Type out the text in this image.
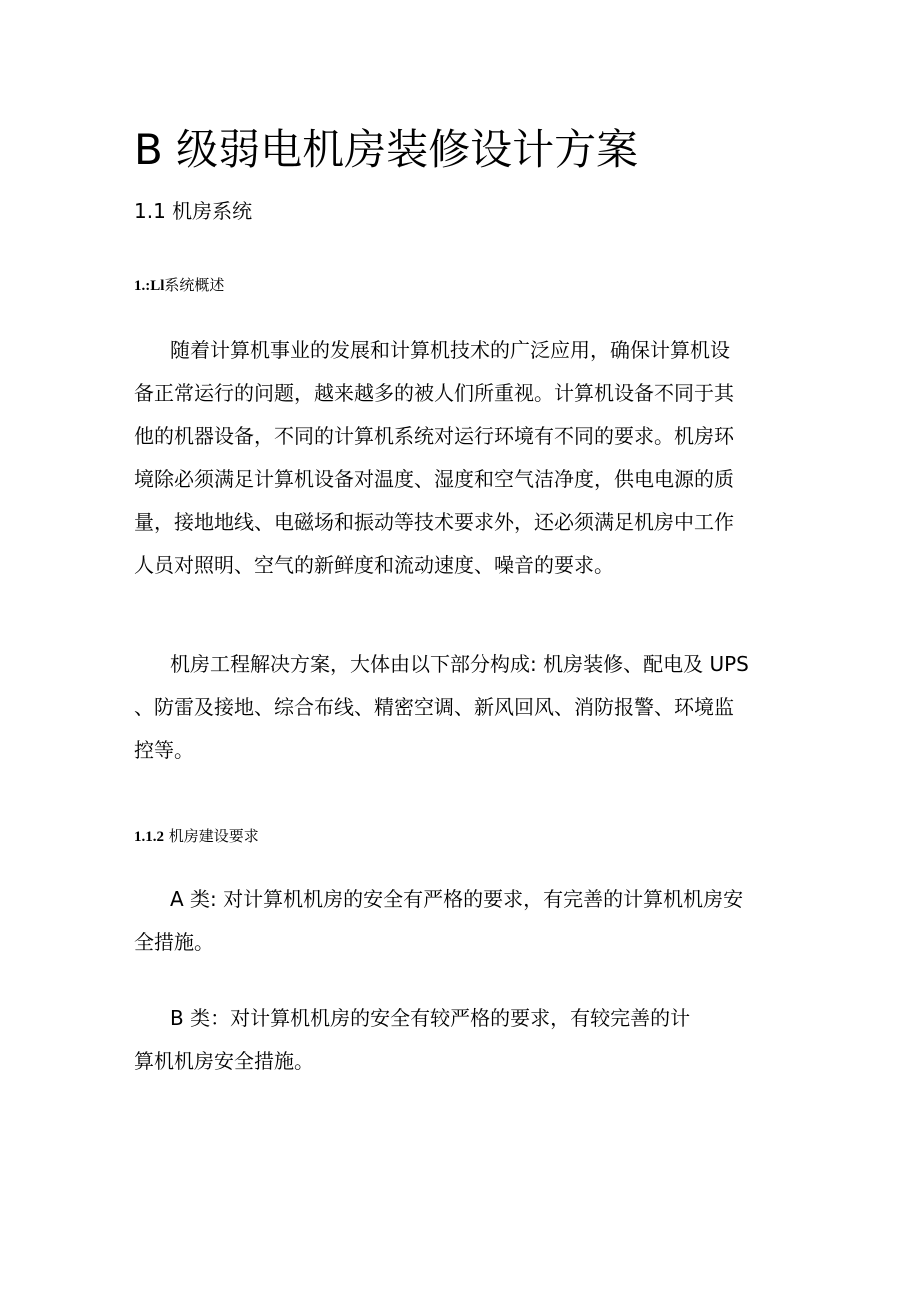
B 级弱电机房装修设计方案
1.1 机房系统
1.:Ll系统概述

随着计算机事业的发展和计算机技术的广泛应用，确保计算机设
备正常运行的问题，越来越多的被人们所重视。计算机设备不同于其
他的机器设备，不同的计算机系统对运行环境有不同的要求。机房环
境除必须满足计算机设备对温度、湿度和空气洁净度，供电电源的质
量，接地地线、电磁场和振动等技术要求外，还必须满足机房中工作
人员对照明、空气的新鲜度和流动速度、噪音的要求。

机房工程解决方案，大体由以下部分构成: 机房装修、配电及 UPS
、防雷及接地、综合布线、精密空调、新风回风、消防报警、环境监
控等。

1.1.2 机房建设要求

A 类: 对计算机机房的安全有严格的要求，有完善的计算机机房安
全措施。

B 类：对计算机机房的安全有较严格的要求，有较完善的计
算机机房安全措施。
